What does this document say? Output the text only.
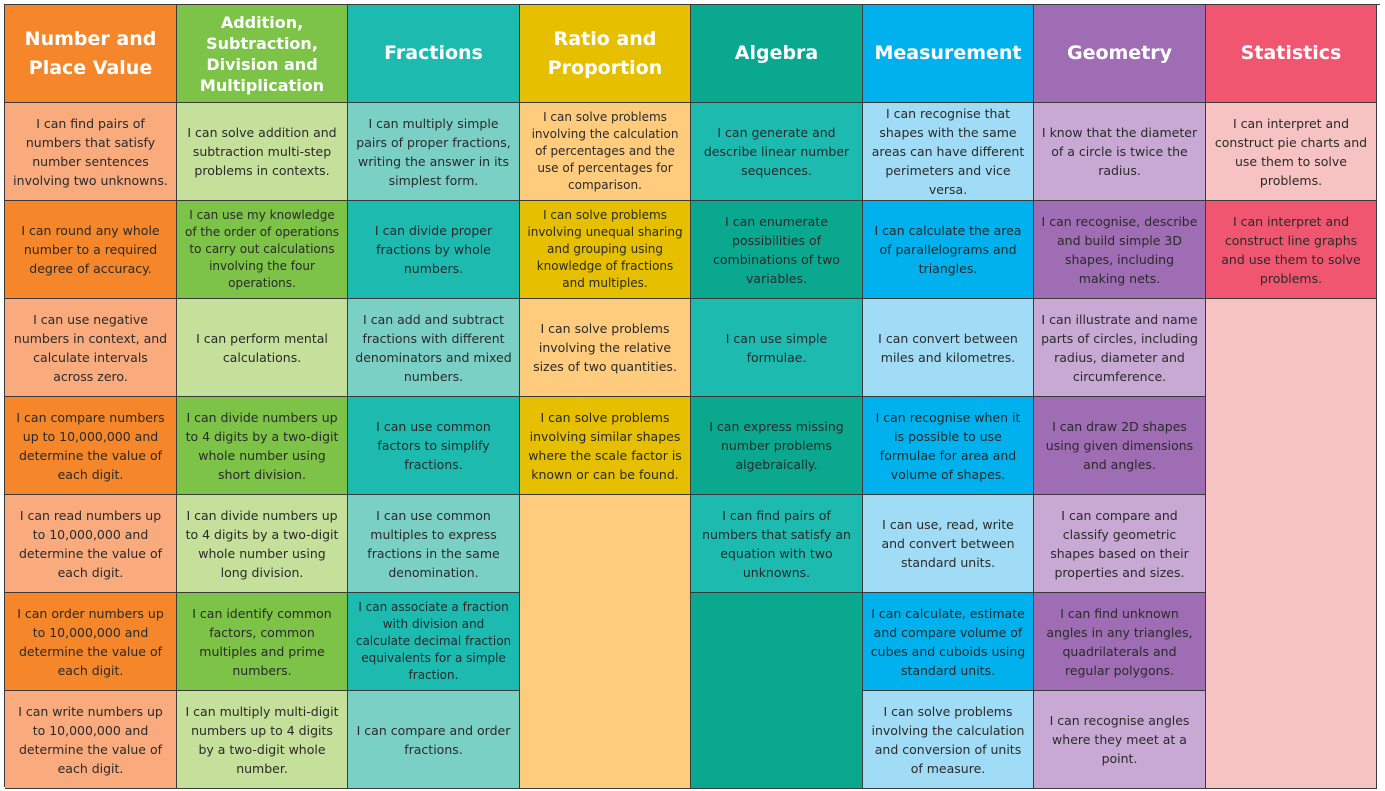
Number and Place Value
Addition, Subtraction, Division and Multiplication
Fractions
Ratio and Proportion
Algebra	Measurement Geometry	Statistics
I can find pairs of numbers that satisfy number sentences involving two unknowns.
I can round any whole number to a required degree of accuracy.
I can use negative numbers in context, and calculate intervals across zero.
I can compare numbers up to 10,000,000 and determine the value of each digit.
I can read numbers up to 10,000,000 and determine the value of each digit.
I can order numbers up to 10,000,000 and determine the value of each digit.
I can write numbers up to 10,000,000 and determine the value of each digit.
I can solve addition and subtraction multi-step problems in contexts.
I can use my knowledge of the order of operations to carry out calculations involving the four operations.
I can perform mental calculations.
I can divide numbers up to 4 digits by a two-digit whole number using short division.
I can divide numbers up to 4 digits by a two-digit whole number using long division.
I can identify common factors, common multiples and prime numbers.
I can multiply multi-digit numbers up to 4 digits by a two-digit whole number.
I can multiply simple pairs of proper fractions, writing the answer in its simplest form.
I can divide proper fractions by whole numbers.
I can add and subtract fractions with different denominators and mixed numbers.
I can use common factors to simplify fractions.
I can use common multiples to express fractions in the same denomination.
I can associate a fraction with division and calculate decimal fraction equivalents for a simple fraction.
I can compare and order fractions.
I can solve problems involving the calculation of percentages and the use of percentages for comparison.
I can solve problems involving unequal sharing and grouping using knowledge of fractions and multiples.
I can solve problems involving the relative sizes of two quantities.
I can solve problems involving similar shapes where the scale factor is known or can be found.
I can generate and describe linear number sequences.
I can enumerate possibilities of combinations of two variables.
I can use simple formulae.
I can express missing number problems algebraically.
I can find pairs of numbers that satisfy an equation with two unknowns.
I can recognise that shapes with the same areas can have different perimeters and vice versa.
I can calculate the area of parallelograms and triangles.
I can convert between miles and kilometres.
I can recognise when it is possible to use formulae for area and volume of shapes.
I can use, read, write and convert between standard units.
I can calculate, estimate and compare volume of cubes and cuboids using standard units.
I can solve problems involving the calculation and conversion of units of measure.
I know that the diameter of a circle is twice the radius.
I can recognise, describe and build simple 3D shapes, including making nets.
I can illustrate and name parts of circles, including radius, diameter and circumference.
I can draw 2D shapes using given dimensions and angles.
I can compare and classify geometric shapes based on their properties and sizes.
I can find unknown angles in any triangles, quadrilaterals and regular polygons.
I can recognise angles where they meet at a point.
I can interpret and construct pie charts and use them to solve problems.
I can interpret and construct line graphs and use them to solve problems.
